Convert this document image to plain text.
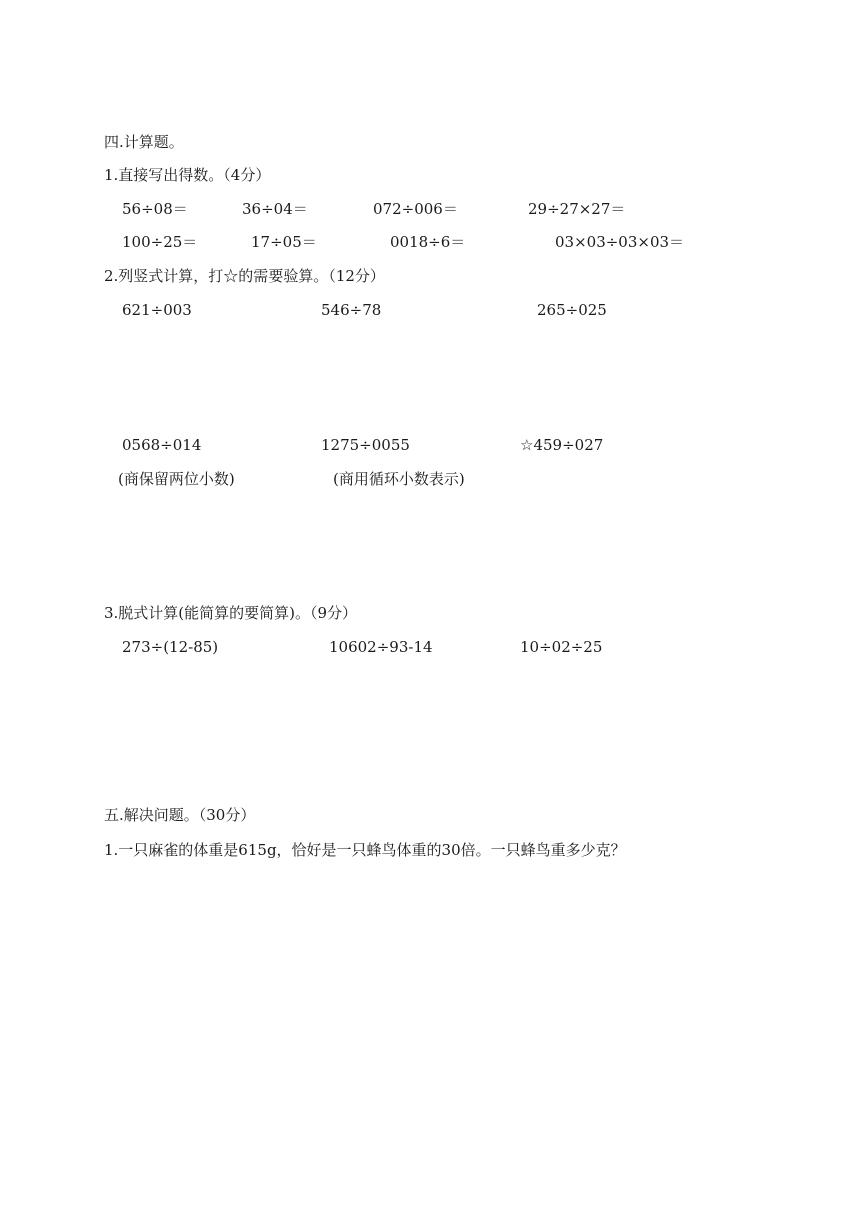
四.计算题。
1.直接写出得数。（4分）
56÷08＝	36÷04＝	072÷006＝	29÷27×27＝
100÷25＝	17÷05＝	0018÷6＝	03×03÷03×03＝
2.列竖式计算，打☆的需要验算。（12分）
621÷003	546÷78	265÷025
0568÷014	1275÷0055	☆459÷027
(商保留两位小数)	(商用循环小数表示)
3.脱式计算(能简算的要简算)。（9分）
273÷(12-85)	10602÷93-14	10÷02÷25
五.解决问题。（30分）
1.一只麻雀的体重是615g，恰好是一只蜂鸟体重的30倍。一只蜂鸟重多少克？
